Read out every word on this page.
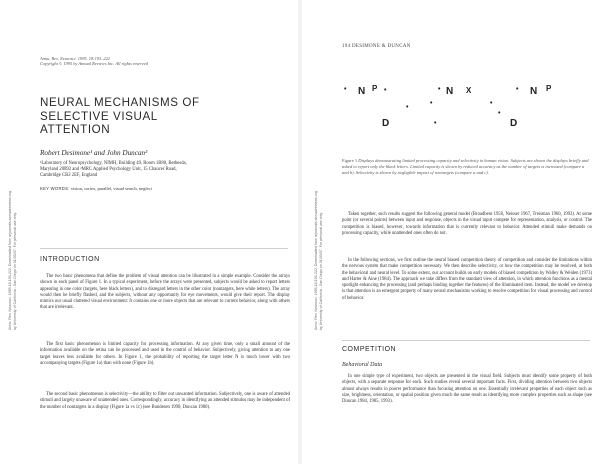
Annu. Rev. Neurosci. 1995.18:193-222. Downloaded from arjournals.annualreviews.org by University of California - San Diego on 01/03/07. For personal use only.
Annu. Rev. Neurosci. 1995. 18:193–222
Copyright © 1995 by Annual Reviews Inc. All rights reserved
NEURAL MECHANISMS OF
SELECTIVE VISUAL
ATTENTION
Robert Desimone¹ and John Duncan²
¹Laboratory of Neuropsychology, NIMH, Building 49, Room 1B80, Bethesda,
Maryland 20892 and ²MRC Applied Psychology Unit, 15 Chaucer Road,
Cambridge CB2 2EF, England
KEY WORDS: vision, cortex, parallel, visual search, neglect
INTRODUCTION

The two basic phenomena that define the problem of visual attention can be illustrated in a simple example. Consider the arrays shown in each panel of Figure 1. In a typical experiment, before the arrays were presented, subjects would be asked to report letters appearing in one color (targets, here black letters), and to disregard letters in the other color (nontargets, here white letters). The array would then be briefly flashed, and the subjects, without any opportunity for eye movements, would give their report. The display mimics our usual cluttered visual environment: It contains one or more objects that are relevant to current behavior, along with others that are irrelevant.

The first basic phenomenon is limited capacity for processing information. At any given time, only a small amount of the information available on the retina can be processed and used in the control of behavior. Subjectively, giving attention to any one target leaves less available for others. In Figure 1, the probability of reporting the target letter N is much lower with two accompanying targets (Figure 1a) than with none (Figure 1b).

The second basic phenomenon is selectivity—the ability to filter out unwanted information. Subjectively, one is aware of attended stimuli and largely unaware of unattended ones. Correspondingly, accuracy in identifying an attended stimulus may be independent of the number of nontargets in a display (Figure 1a vs 1c) (see Bundesen 1990, Duncan 1980).

Annu. Rev. Neurosci. 1995.18:193-222. Downloaded from arjournals.annualreviews.org by University of California - San Diego on 01/03/07. For personal use only.
194 DESIMONE & DUNCAN
• N P •	N
•	X	• N P
•
•	•
•
D	•	D
Figure 1 Displays demonstrating limited processing capacity and selectivity in human vision. Subjects are shown the displays briefly and asked to report only the black letters. Limited capacity is shown by reduced accuracy as the number of targets is increased (compare a and b). Selectivity is shown by negligible impact of nontargets (compare a and c).

Taken together, such results suggest the following general model (Broadbent 1958, Neisser 1967, Treisman 1960, 1993). At some point (or several points) between input and response, objects in the visual input compete for representation, analysis, or control. The competition is biased, however, towards information that is currently relevant to behavior. Attended stimuli make demands on processing capacity, while unattended ones often do not.

In the following sections, we first outline the neural biased competition theory of competition and consider the limitations within the nervous system that make competition necessary. We then describe selectivity, or how the competition may be resolved, at both the behavioral and neural level. To some extent, our account builds on early models of biased competition by Walley & Weiden (1973) and Harter & Aine (1984). The approach we take differs from the standard view of attention, in which attention functions as a mental spotlight enhancing the processing (and perhaps binding together the features) of the illuminated item. Instead, the model we develop is that attention is an emergent property of many neural mechanisms working to resolve competition for visual processing and control of behavior.

COMPETITION
Behavioral Data

In one simple type of experiment, two objects are presented in the visual field. Subjects must identify some property of both objects, with a separate response for each. Such studies reveal several important facts. First, dividing attention between two objects almost always results in poorer performance than focusing attention on one. Essentially irrelevant properties of each object such as size, brightness, orientation, or spatial position given much the same result as identifying more complex properties such as shape (see Duncan 1984, 1985, 1993).
